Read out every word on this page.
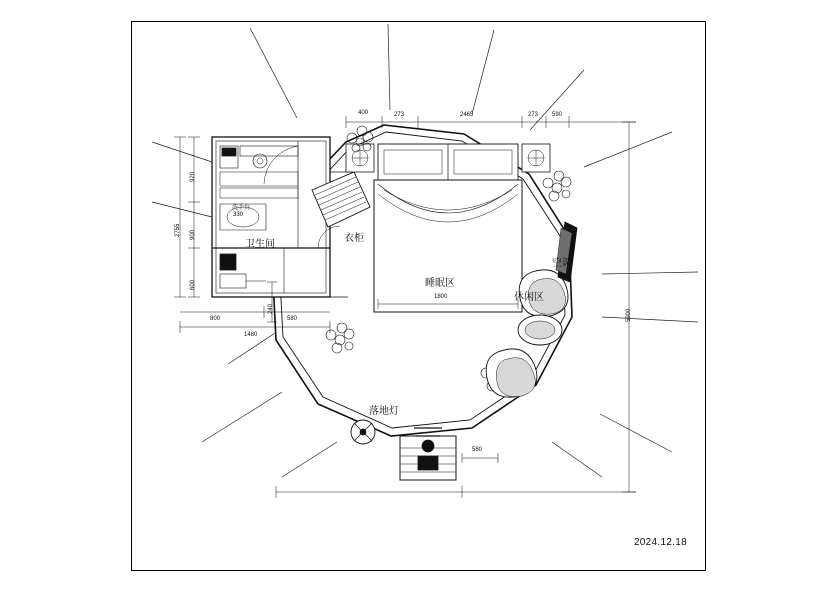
卫生间
衣柜
睡眠区
空调
休闲区
落地灯
5900
2755
1480
400	273	2465	273 590
920
900
600
800	580
1800
580
330
240
洗手台
2024.12.18
